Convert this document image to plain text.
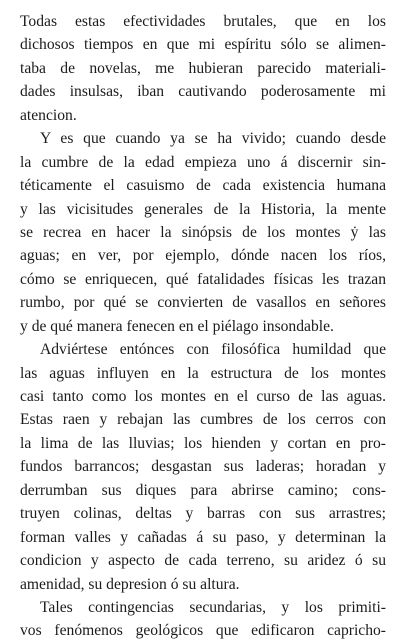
Todas estas efectividades brutales, que en los
dichosos tiempos en que mi espíritu sólo se alimen-
taba de novelas, me hubieran parecido materiali-
dades insulsas, iban cautivando poderosamente mi
atencion.
Y es que cuando ya se ha vivido; cuando desde
la cumbre de la edad empieza uno á discernir sin-
téticamente el casuismo de cada existencia humana
y las vicisitudes generales de la Historia, la mente
se recrea en hacer la sinópsis de los montes ẏ las
aguas; en ver, por ejemplo, dónde nacen los ríos,
cómo se enriquecen, qué fatalidades físicas les trazan
rumbo, por qué se convierten de vasallos en señores
y de qué manera fenecen en el piélago insondable.
Adviértese entónces con filosófica humildad que
las aguas influyen en la estructura de los montes
casi tanto como los montes en el curso de las aguas.
Estas raen y rebajan las cumbres de los cerros con
la lima de las lluvias; los hienden y cortan en pro-
fundos barrancos; desgastan sus laderas; horadan y
derrumban sus diques para abrirse camino; cons-
truyen colinas, deltas y barras con sus arrastres;
forman valles y cañadas á su paso, y determinan la
condicion y aspecto de cada terreno, su aridez ó su
amenidad, su depresion ó su altura.
Tales contingencias secundarias, y los primiti-
vos fenómenos geológicos que edificaron capricho-
